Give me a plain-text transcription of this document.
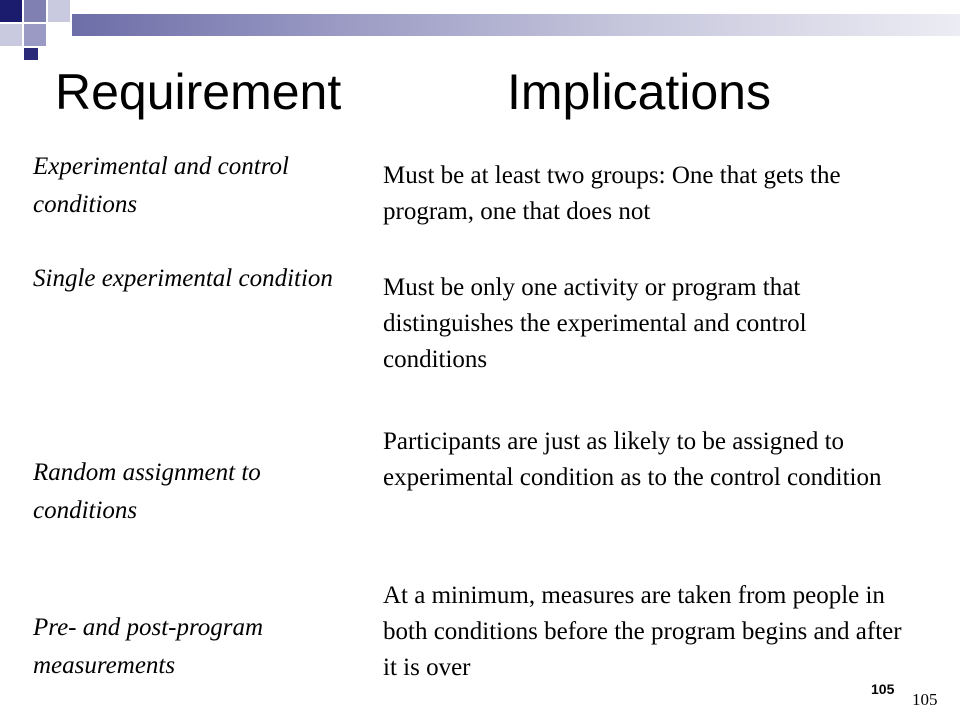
Requirement	Implications
Experimental and control conditions
Single experimental condition
Random assignment to conditions
Pre- and post-program measurements
Must be at least two groups: One that gets the program, one that does not
Must be only one activity or program that distinguishes the experimental and control conditions
Participants are just as likely to be assigned to experimental condition as to the control condition
At a minimum, measures are taken from people in both conditions before the program begins and after it is over
105
105
